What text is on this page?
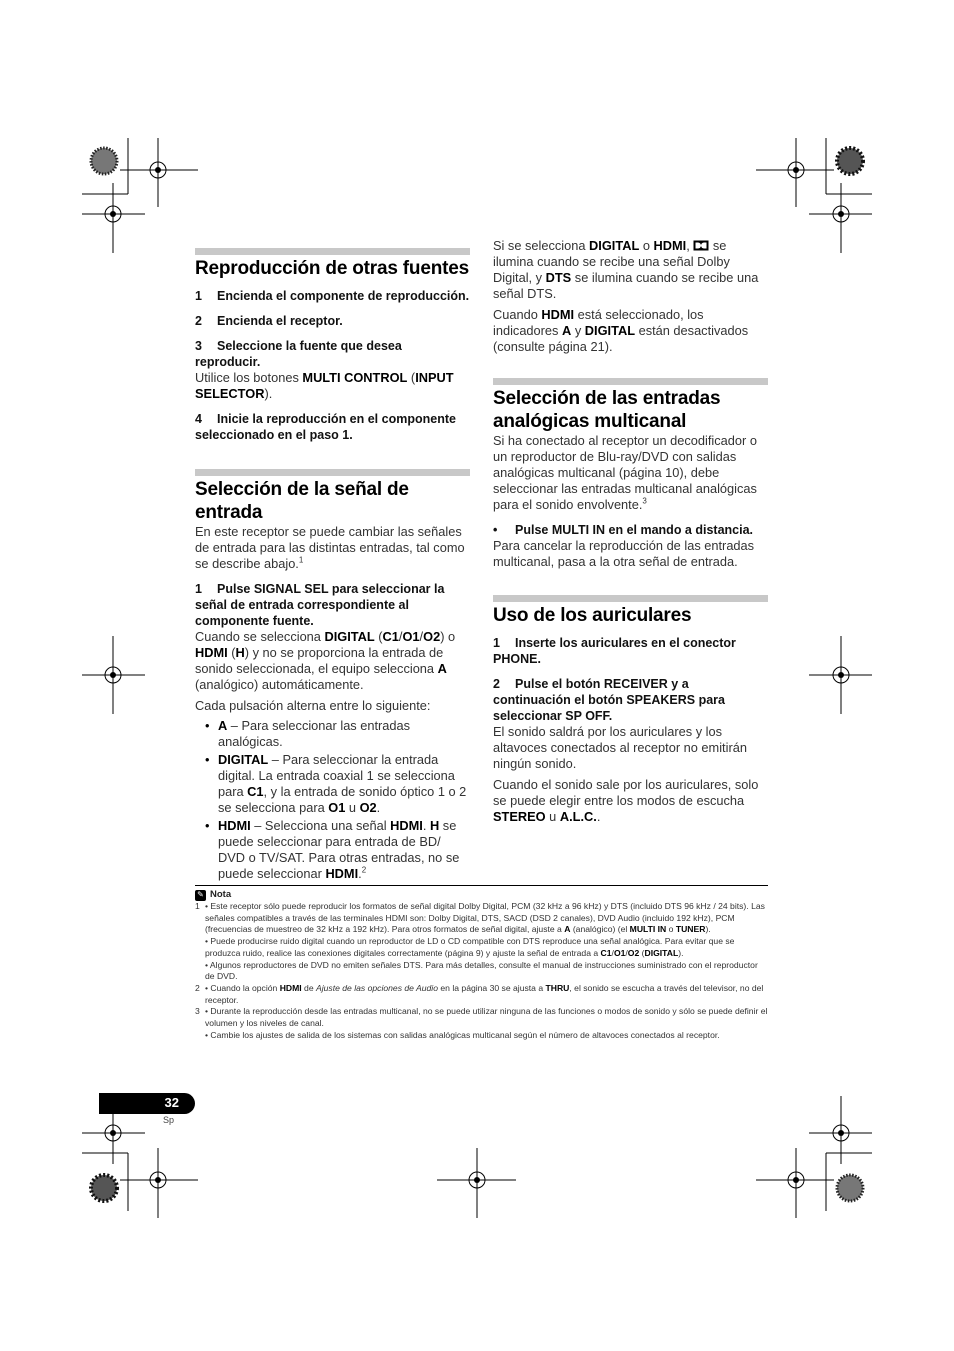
Reproducción de otras fuentes

1 Encienda el componente de reproducción.

2 Encienda el receptor.

3 Seleccione la fuente que desea reproducir.

Utilice los botones MULTI CONTROL (INPUT SELECTOR).

4 Inicie la reproducción en el componente seleccionado en el paso 1.

Selección de la señal de entrada

En este receptor se puede cambiar las señales de entrada para las distintas entradas, tal como se describe abajo.$^1$

1 Pulse SIGNAL SEL para seleccionar la señal de entrada correspondiente al componente fuente.

Cuando se selecciona DIGITAL (C1/O1/O2) o HDMI (H) y no se proporciona la entrada de sonido seleccionada, el equipo selecciona A (analógico) automáticamente.

Cada pulsación alterna entre lo siguiente:

• A – Para seleccionar las entradas analógicas.
• DIGITAL – Para seleccionar la entrada digital. La entrada coaxial 1 se selecciona para C1, y la entrada de sonido óptico 1 o 2 se selecciona para O1 u O2.
• HDMI – Selecciona una señal HDMI. H se puede seleccionar para entrada de BD/ DVD o TV/SAT. Para otras entradas, no se puede seleccionar HDMI.$^2$

Si se selecciona DIGITAL o HDMI,  se ilumina cuando se recibe una señal Dolby Digital, y DTS se ilumina cuando se recibe una señal DTS.

Cuando HDMI está seleccionado, los indicadores A y DIGITAL están desactivados (consulte página 21).

Selección de las entradas analógicas multicanal

Si ha conectado al receptor un decodificador o un reproductor de Blu-ray/DVD con salidas analógicas multicanal (página 10), debe seleccionar las entradas multicanal analógicas para el sonido envolvente.$^3$

• Pulse MULTI IN en el mando a distancia.

Para cancelar la reproducción de las entradas multicanal, pasa a la otra señal de entrada.

Uso de los auriculares

1 Inserte los auriculares en el conector PHONE.

2 Pulse el botón RECEIVER y a continuación el botón SPEAKERS para seleccionar SP OFF.

El sonido saldrá por los auriculares y los altavoces conectados al receptor no emitirán ningún sonido.

Cuando el sonido sale por los auriculares, solo se puede elegir entre los modos de escucha STEREO u A.L.C..

✎ Nota
1 • Este receptor sólo puede reproducir los formatos de señal digital Dolby Digital, PCM (32 kHz a 96 kHz) y DTS (incluido DTS 96 kHz / 24 bits). Las señales compatibles a través de las terminales HDMI son: Dolby Digital, DTS, SACD (DSD 2 canales), DVD Audio (incluido 192 kHz), PCM (frecuencias de muestreo de 32 kHz a 192 kHz). Para otros formatos de señal digital, ajuste a A (analógico) (el MULTI IN o TUNER).
• Puede producirse ruido digital cuando un reproductor de LD o CD compatible con DTS reproduce una señal analógica. Para evitar que se produzca ruido, realice las conexiones digitales correctamente (página 9) y ajuste la señal de entrada a C1/O1/O2 (DIGITAL).
• Algunos reproductores de DVD no emiten señales DTS. Para más detalles, consulte el manual de instrucciones suministrado con el reproductor de DVD.
2 • Cuando la opción HDMI de Ajuste de las opciones de Audio en la página 30 se ajusta a THRU, el sonido se escucha a través del televisor, no del receptor.
3 • Durante la reproducción desde las entradas multicanal, no se puede utilizar ninguna de las funciones o modos de sonido y sólo se puede definir el volumen y los niveles de canal.
• Cambie los ajustes de salida de los sistemas con salidas analógicas multicanal según el número de altavoces conectados al receptor.
32
Sp
